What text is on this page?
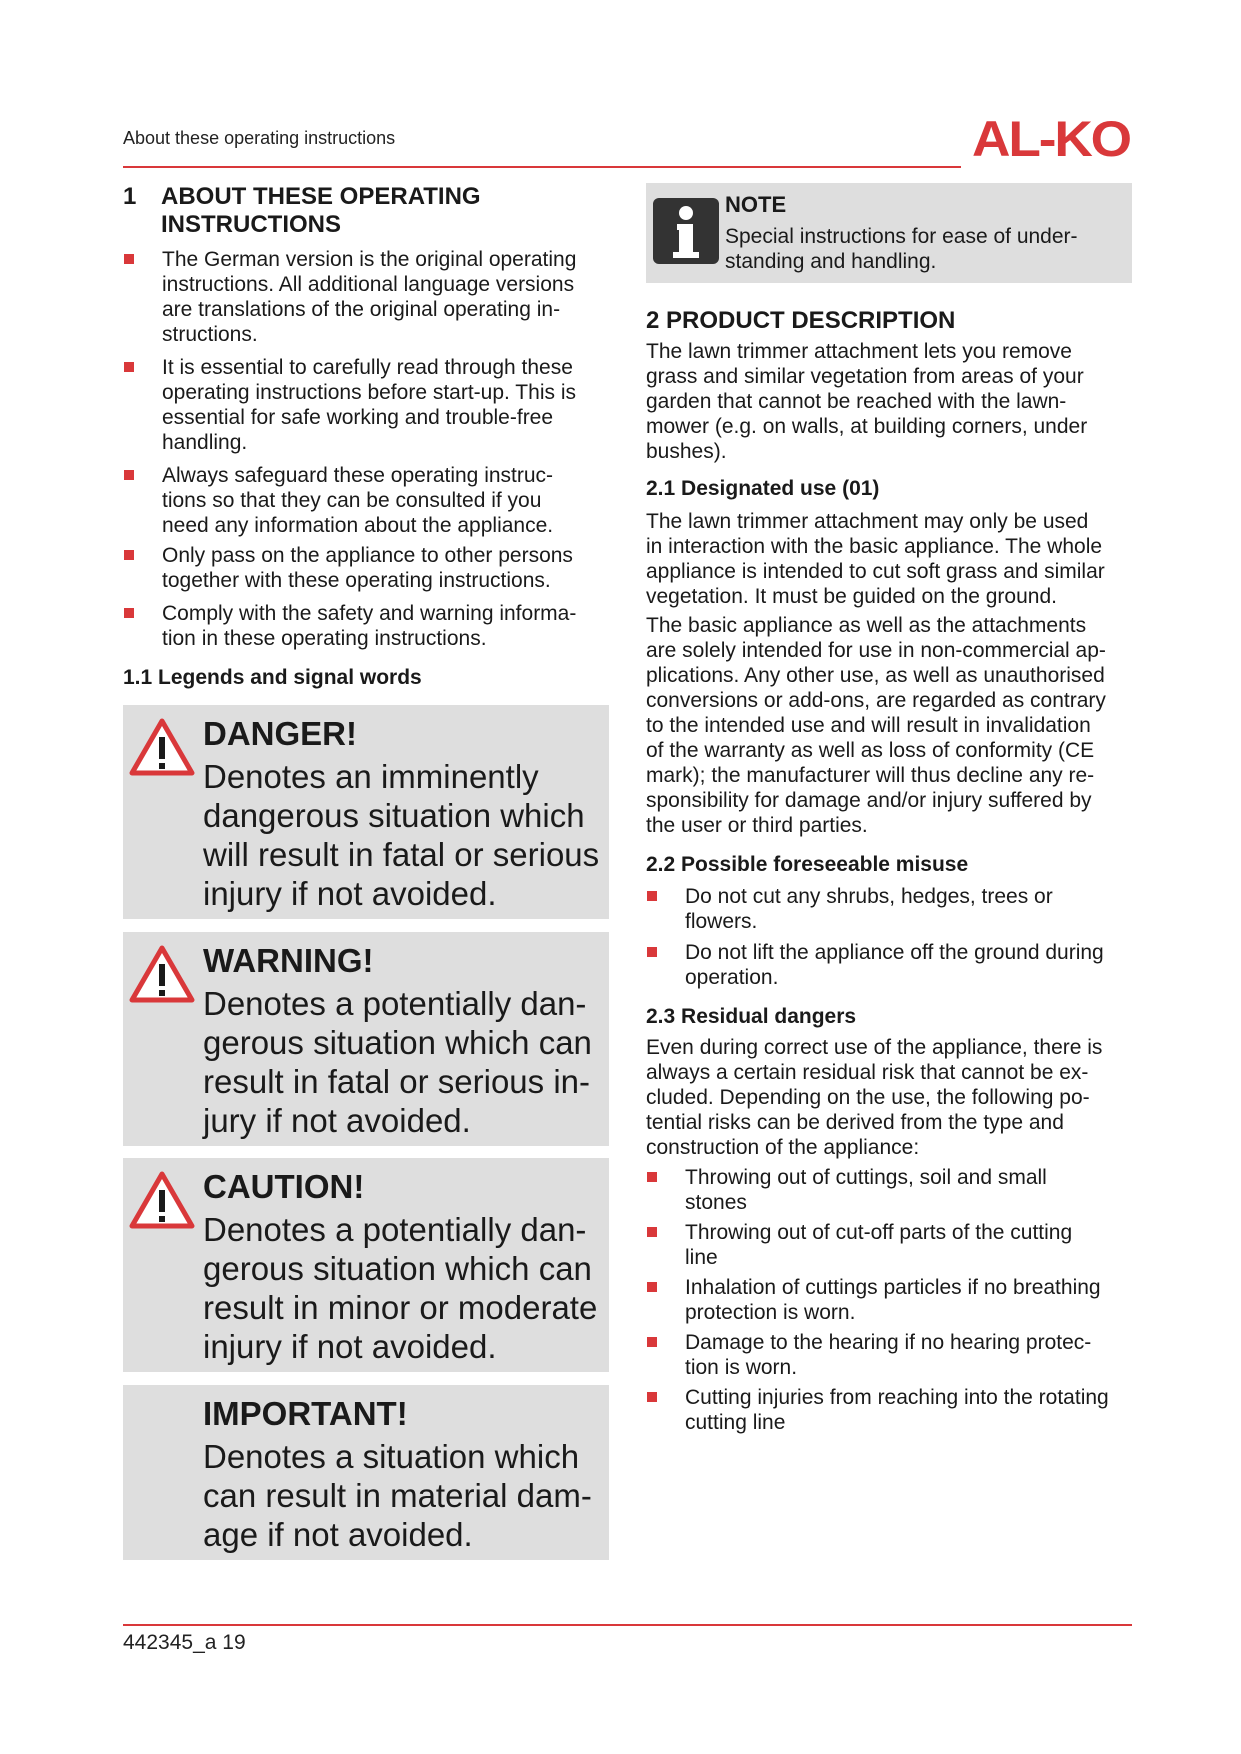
About these operating instructions	AL-KO
1 ABOUT THESE OPERATING
INSTRUCTIONS
The German version is the original operating
instructions. All additional language versions
are translations of the original operating in-
structions.
It is essential to carefully read through these
operating instructions before start-up. This is
essential for safe working and trouble-free
handling.
Always safeguard these operating instruc-
tions so that they can be consulted if you
need any information about the appliance.
Only pass on the appliance to other persons
together with these operating instructions.
Comply with the safety and warning informa-
tion in these operating instructions.
1.1 Legends and signal words
DANGER!
Denotes an imminently
dangerous situation which
will result in fatal or serious
injury if not avoided.
WARNING!
Denotes a potentially dan-
gerous situation which can
result in fatal or serious in-
jury if not avoided.
CAUTION!
Denotes a potentially dan-
gerous situation which can
result in minor or moderate
injury if not avoided.
IMPORTANT!
Denotes a situation which
can result in material dam-
age if not avoided.
NOTE
Special instructions for ease of under-
standing and handling.
2 PRODUCT DESCRIPTION

The lawn trimmer attachment lets you remove
grass and similar vegetation from areas of your
garden that cannot be reached with the lawn-
mower (e.g. on walls, at building corners, under
bushes).

2.1 Designated use (01)

The lawn trimmer attachment may only be used
in interaction with the basic appliance. The whole
appliance is intended to cut soft grass and similar
vegetation. It must be guided on the ground.

The basic appliance as well as the attachments
are solely intended for use in non-commercial ap-
plications. Any other use, as well as unauthorised
conversions or add-ons, are regarded as contrary
to the intended use and will result in invalidation
of the warranty as well as loss of conformity (CE
mark); the manufacturer will thus decline any re-
sponsibility for damage and/or injury suffered by
the user or third parties.

2.2 Possible foreseeable misuse
Do not cut any shrubs, hedges, trees or
flowers.
Do not lift the appliance off the ground during
operation.
2.3 Residual dangers

Even during correct use of the appliance, there is
always a certain residual risk that cannot be ex-
cluded. Depending on the use, the following po-
tential risks can be derived from the type and
construction of the appliance:

Throwing out of cuttings, soil and small
stones
Throwing out of cut-off parts of the cutting
line
Inhalation of cuttings particles if no breathing
protection is worn.
Damage to the hearing if no hearing protec-
tion is worn.
Cutting injuries from reaching into the rotating
cutting line
442345_a 19
